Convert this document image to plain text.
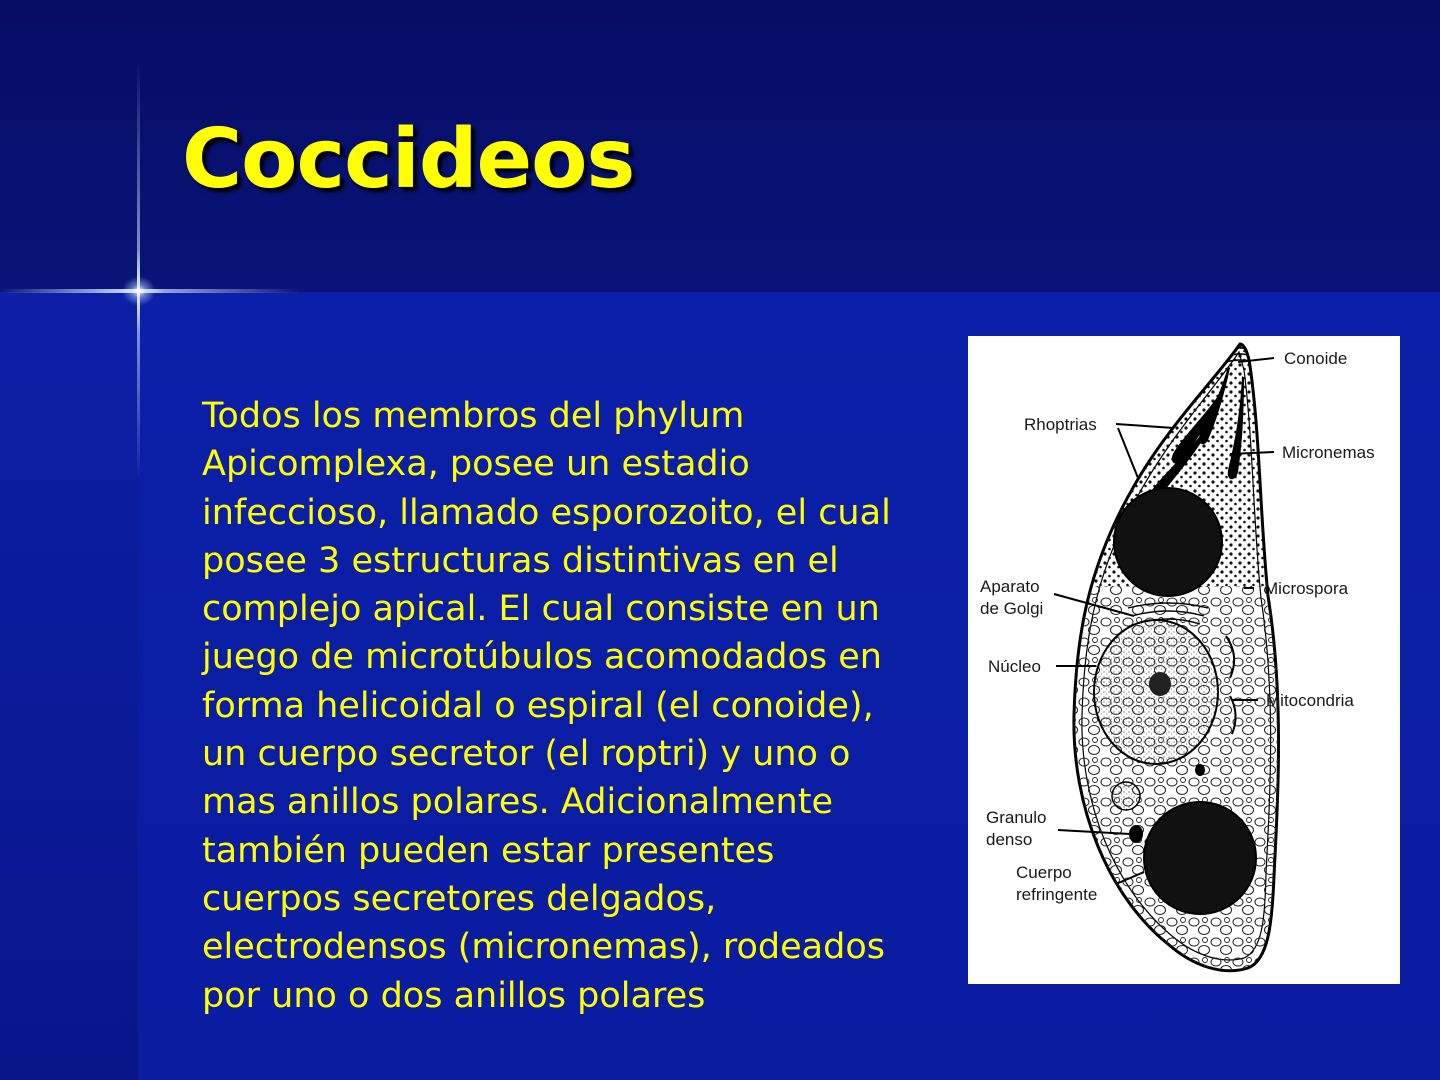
Coccideos
Todos los membros del phylum
Apicomplexa, posee un estadio
infeccioso, llamado esporozoito, el cual
posee 3 estructuras distintivas en el
complejo apical. El cual consiste en un
juego de microtúbulos acomodados en
forma helicoidal o espiral (el conoide),
un cuerpo secretor (el roptri) y uno o
mas anillos polares. Adicionalmente
también pueden estar presentes
cuerpos secretores delgados,
electrodensos (micronemas), rodeados
por uno o dos anillos polares
Conoide
Rhoptrias
Micronemas
Aparato
de Golgi
Microspora
Núcleo
Mitocondria
Granulo
denso
Cuerpo
refringente
